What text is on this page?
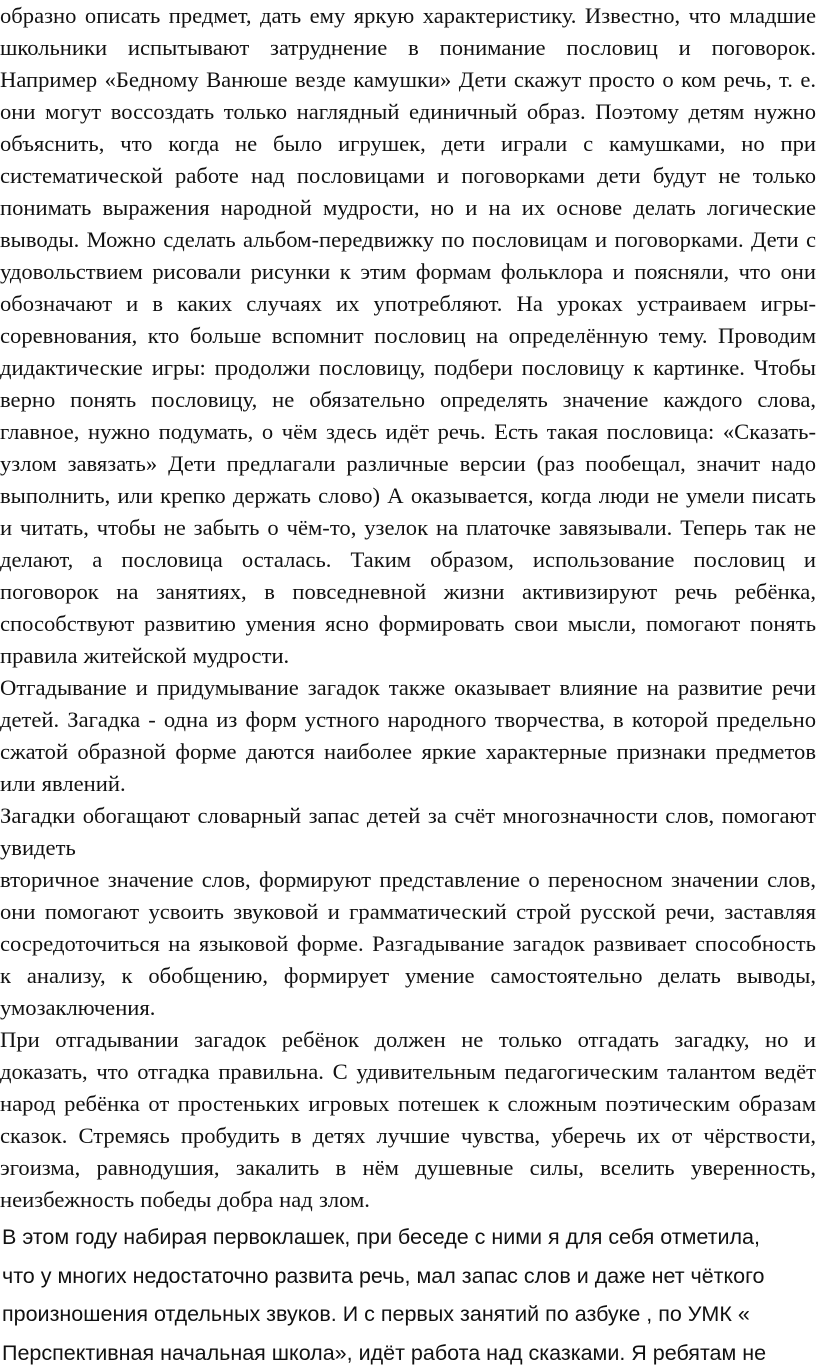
образно описать предмет, дать ему яркую характеристику. Известно, что младшие школьники испытывают затруднение в понимание пословиц и поговорок. Например «Бедному Ванюше везде камушки» Дети скажут просто о ком речь, т. е. они могут воссоздать только наглядный единичный образ. Поэтому детям нужно объяснить, что когда не было игрушек, дети играли с камушками, но при систематической работе над пословицами и поговорками дети будут не только понимать выражения народной мудрости, но и на их основе делать логические выводы. Можно сделать альбом-передвижку по пословицам и поговорками. Дети с удовольствием рисовали рисунки к этим формам фольклора и поясняли, что они обозначают и в каких случаях их употребляют. На уроках устраиваем игры-соревнования, кто больше вспомнит пословиц на определённую тему. Проводим дидактические игры: продолжи пословицу, подбери пословицу к картинке. Чтобы верно понять пословицу, не обязательно определять значение каждого слова, главное, нужно подумать, о чём здесь идёт речь. Есть такая пословица: «Сказать- узлом завязать» Дети предлагали различные версии (раз пообещал, значит надо выполнить, или крепко держать слово) А оказывается, когда люди не умели писать и читать, чтобы не забыть о чём-то, узелок на платочке завязывали. Теперь так не делают, а пословица осталась. Таким образом, использование пословиц и поговорок на занятиях, в повседневной жизни активизируют речь ребёнка, способствуют развитию умения ясно формировать свои мысли, помогают понять правила житейской мудрости.

Отгадывание и придумывание загадок также оказывает влияние на развитие речи детей. Загадка - одна из форм устного народного творчества, в которой предельно сжатой образной форме даются наиболее яркие характерные признаки предметов или явлений.

Загадки обогащают словарный запас детей за счёт многозначности слов, помогают увидеть

вторичное значение слов, формируют представление о переносном значении слов, они помогают усвоить звуковой и грамматический строй русской речи, заставляя сосредоточиться на языковой форме. Разгадывание загадок развивает способность к анализу, к обобщению, формирует умение самостоятельно делать выводы, умозаключения.

При отгадывании загадок ребёнок должен не только отгадать загадку, но и доказать, что отгадка правильна. С удивительным педагогическим талантом ведёт народ ребёнка от простеньких игровых потешек к сложным поэтическим образам сказок. Стремясь пробудить в детях лучшие чувства, уберечь их от чёрствости, эгоизма, равнодушия, закалить в нём душевные силы, вселить уверенность, неизбежность победы добра над злом.

В этом году набирая первоклашек, при беседе с ними я для себя отметила,
что у многих недостаточно развита речь, мал запас слов и даже нет чёткого
произношения отдельных звуков. И с первых занятий по азбуке , по УМК «
Перспективная начальная школа», идёт работа над сказками. Я ребятам не
